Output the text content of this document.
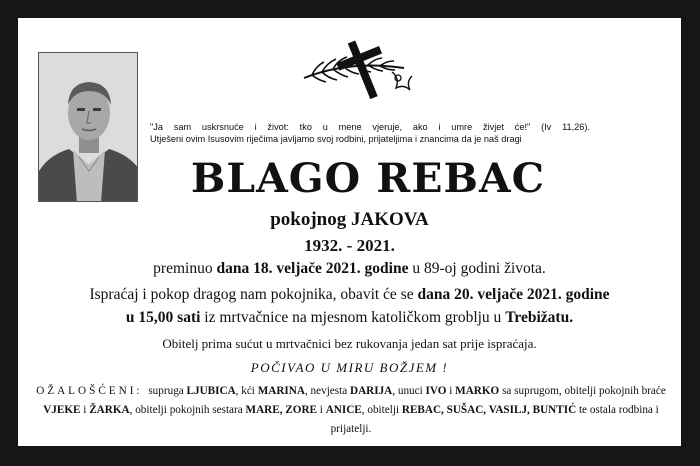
"Ja sam uskrsnuće i život: tko u mene vjeruje, ako i umre živjet će!" (Iv 11,26).
Utješeni ovim Isusovim riječima javljamo svoj rodbini, prijateljima i znancima da je naš dragi
BLAGO REBAC
pokojnog JAKOVA
1932. - 2021.
preminuo dana 18. veljače 2021. godine u 89-oj godini života.
Ispraćaj i pokop dragog nam pokojnika, obavit će se dana 20. veljače 2021. godine
u 15,00 sati iz mrtvačnice na mjesnom katoličkom groblju u Trebižatu.
Obitelj prima sućut u mrtvačnici bez rukovanja jedan sat prije ispraćaja.
POČIVAO U MIRU BOŽJEM !
OŽALOŠĆENI: supruga LJUBICA, kći MARINA, nevjesta DARIJA, unuci IVO i MARKO sa suprugom, obitelji pokojnih braće
VJEKE i ŽARKA, obitelji pokojnih sestara MARE, ZORE i ANICE, obitelji REBAC, SUŠAC, VASILJ, BUNTIĆ te ostala rodbina i prijatelji.
